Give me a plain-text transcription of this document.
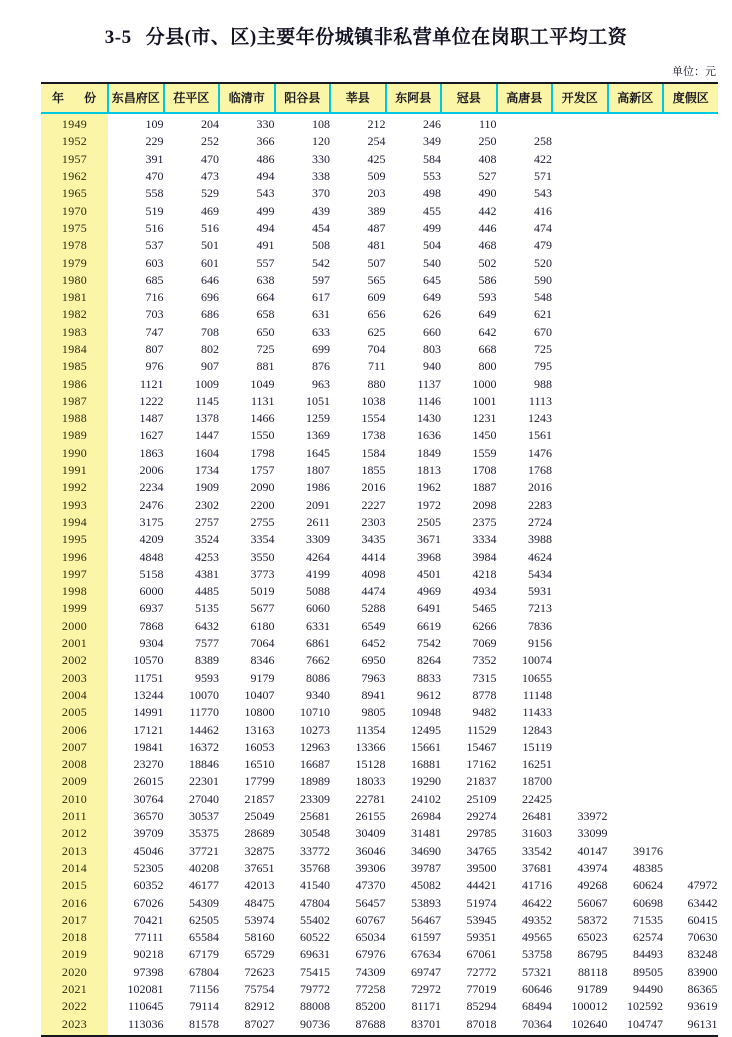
3-5 分县(市、区)主要年份城镇非私营单位在岗职工平均工资
单位：元
年　份	东昌府区	茌平区	临清市	阳谷县	莘县	东阿县	冠县	高唐县	开发区	高新区	度假区
1949	109	204	330	108	212	246	110				
1952	229	252	366	120	254	349	250	258			
1957	391	470	486	330	425	584	408	422			
1962	470	473	494	338	509	553	527	571			
1965	558	529	543	370	203	498	490	543			
1970	519	469	499	439	389	455	442	416			
1975	516	516	494	454	487	499	446	474			
1978	537	501	491	508	481	504	468	479			
1979	603	601	557	542	507	540	502	520			
1980	685	646	638	597	565	645	586	590			
1981	716	696	664	617	609	649	593	548			
1982	703	686	658	631	656	626	649	621			
1983	747	708	650	633	625	660	642	670			
1984	807	802	725	699	704	803	668	725			
1985	976	907	881	876	711	940	800	795			
1986	1121	1009	1049	963	880	1137	1000	988			
1987	1222	1145	1131	1051	1038	1146	1001	1113			
1988	1487	1378	1466	1259	1554	1430	1231	1243			
1989	1627	1447	1550	1369	1738	1636	1450	1561			
1990	1863	1604	1798	1645	1584	1849	1559	1476			
1991	2006	1734	1757	1807	1855	1813	1708	1768			
1992	2234	1909	2090	1986	2016	1962	1887	2016			
1993	2476	2302	2200	2091	2227	1972	2098	2283			
1994	3175	2757	2755	2611	2303	2505	2375	2724			
1995	4209	3524	3354	3309	3435	3671	3334	3988			
1996	4848	4253	3550	4264	4414	3968	3984	4624			
1997	5158	4381	3773	4199	4098	4501	4218	5434			
1998	6000	4485	5019	5088	4474	4969	4934	5931			
1999	6937	5135	5677	6060	5288	6491	5465	7213			
2000	7868	6432	6180	6331	6549	6619	6266	7836			
2001	9304	7577	7064	6861	6452	7542	7069	9156			
2002	10570	8389	8346	7662	6950	8264	7352	10074			
2003	11751	9593	9179	8086	7963	8833	7315	10655			
2004	13244	10070	10407	9340	8941	9612	8778	11148			
2005	14991	11770	10800	10710	9805	10948	9482	11433			
2006	17121	14462	13163	10273	11354	12495	11529	12843			
2007	19841	16372	16053	12963	13366	15661	15467	15119			
2008	23270	18846	16510	16687	15128	16881	17162	16251			
2009	26015	22301	17799	18989	18033	19290	21837	18700			
2010	30764	27040	21857	23309	22781	24102	25109	22425			
2011	36570	30537	25049	25681	26155	26984	29274	26481	33972		
2012	39709	35375	28689	30548	30409	31481	29785	31603	33099		
2013	45046	37721	32875	33772	36046	34690	34765	33542	40147	39176	
2014	52305	40208	37651	35768	39306	39787	39500	37681	43974	48385	
2015	60352	46177	42013	41540	47370	45082	44421	41716	49268	60624	47972
2016	67026	54309	48475	47804	56457	53893	51974	46422	56067	60698	63442
2017	70421	62505	53974	55402	60767	56467	53945	49352	58372	71535	60415
2018	77111	65584	58160	60522	65034	61597	59351	49565	65023	62574	70630
2019	90218	67179	65729	69631	67976	67634	67061	53758	86795	84493	83248
2020	97398	67804	72623	75415	74309	69747	72772	57321	88118	89505	83900
2021	102081	71156	75754	79772	77258	72972	77019	60646	91789	94490	86365
2022	110645	79114	82912	88008	85200	81171	85294	68494	100012	102592	93619
2023	113036	81578	87027	90736	87688	83701	87018	70364	102640	104747	96131
